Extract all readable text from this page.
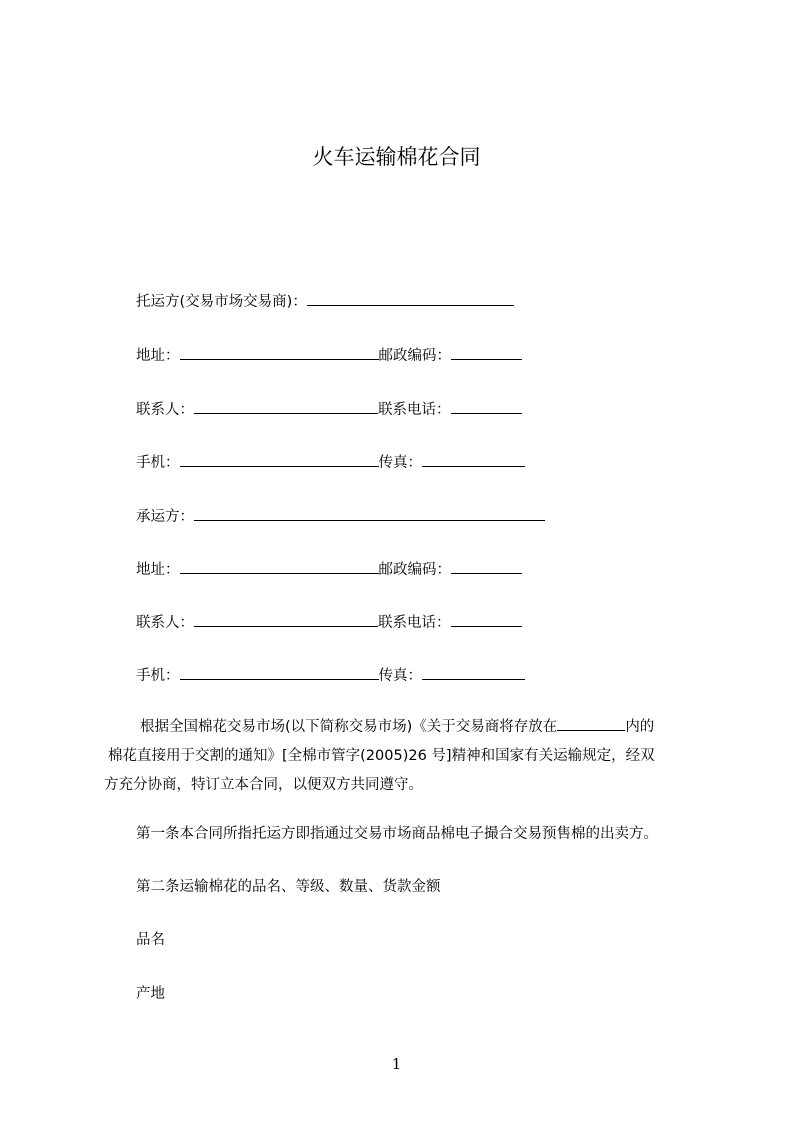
火车运输棉花合同
托运方(交易市场交易商)：
地址：	邮政编码：
联系人：	联系电话：
手机：	传真：
承运方：
地址：	邮政编码：
联系人：	联系电话：
手机：	传真：
根据全国棉花交易市场(以下简称交易市场)《关于交易商将存放在	内的
棉花直接用于交割的通知》[全棉市管字(2005)26 号]精神和国家有关运输规定，经双
方充分协商，特订立本合同，以便双方共同遵守。
第一条本合同所指托运方即指通过交易市场商品棉电子撮合交易预售棉的出卖方。
第二条运输棉花的品名、等级、数量、货款金额
品名
产地
1
